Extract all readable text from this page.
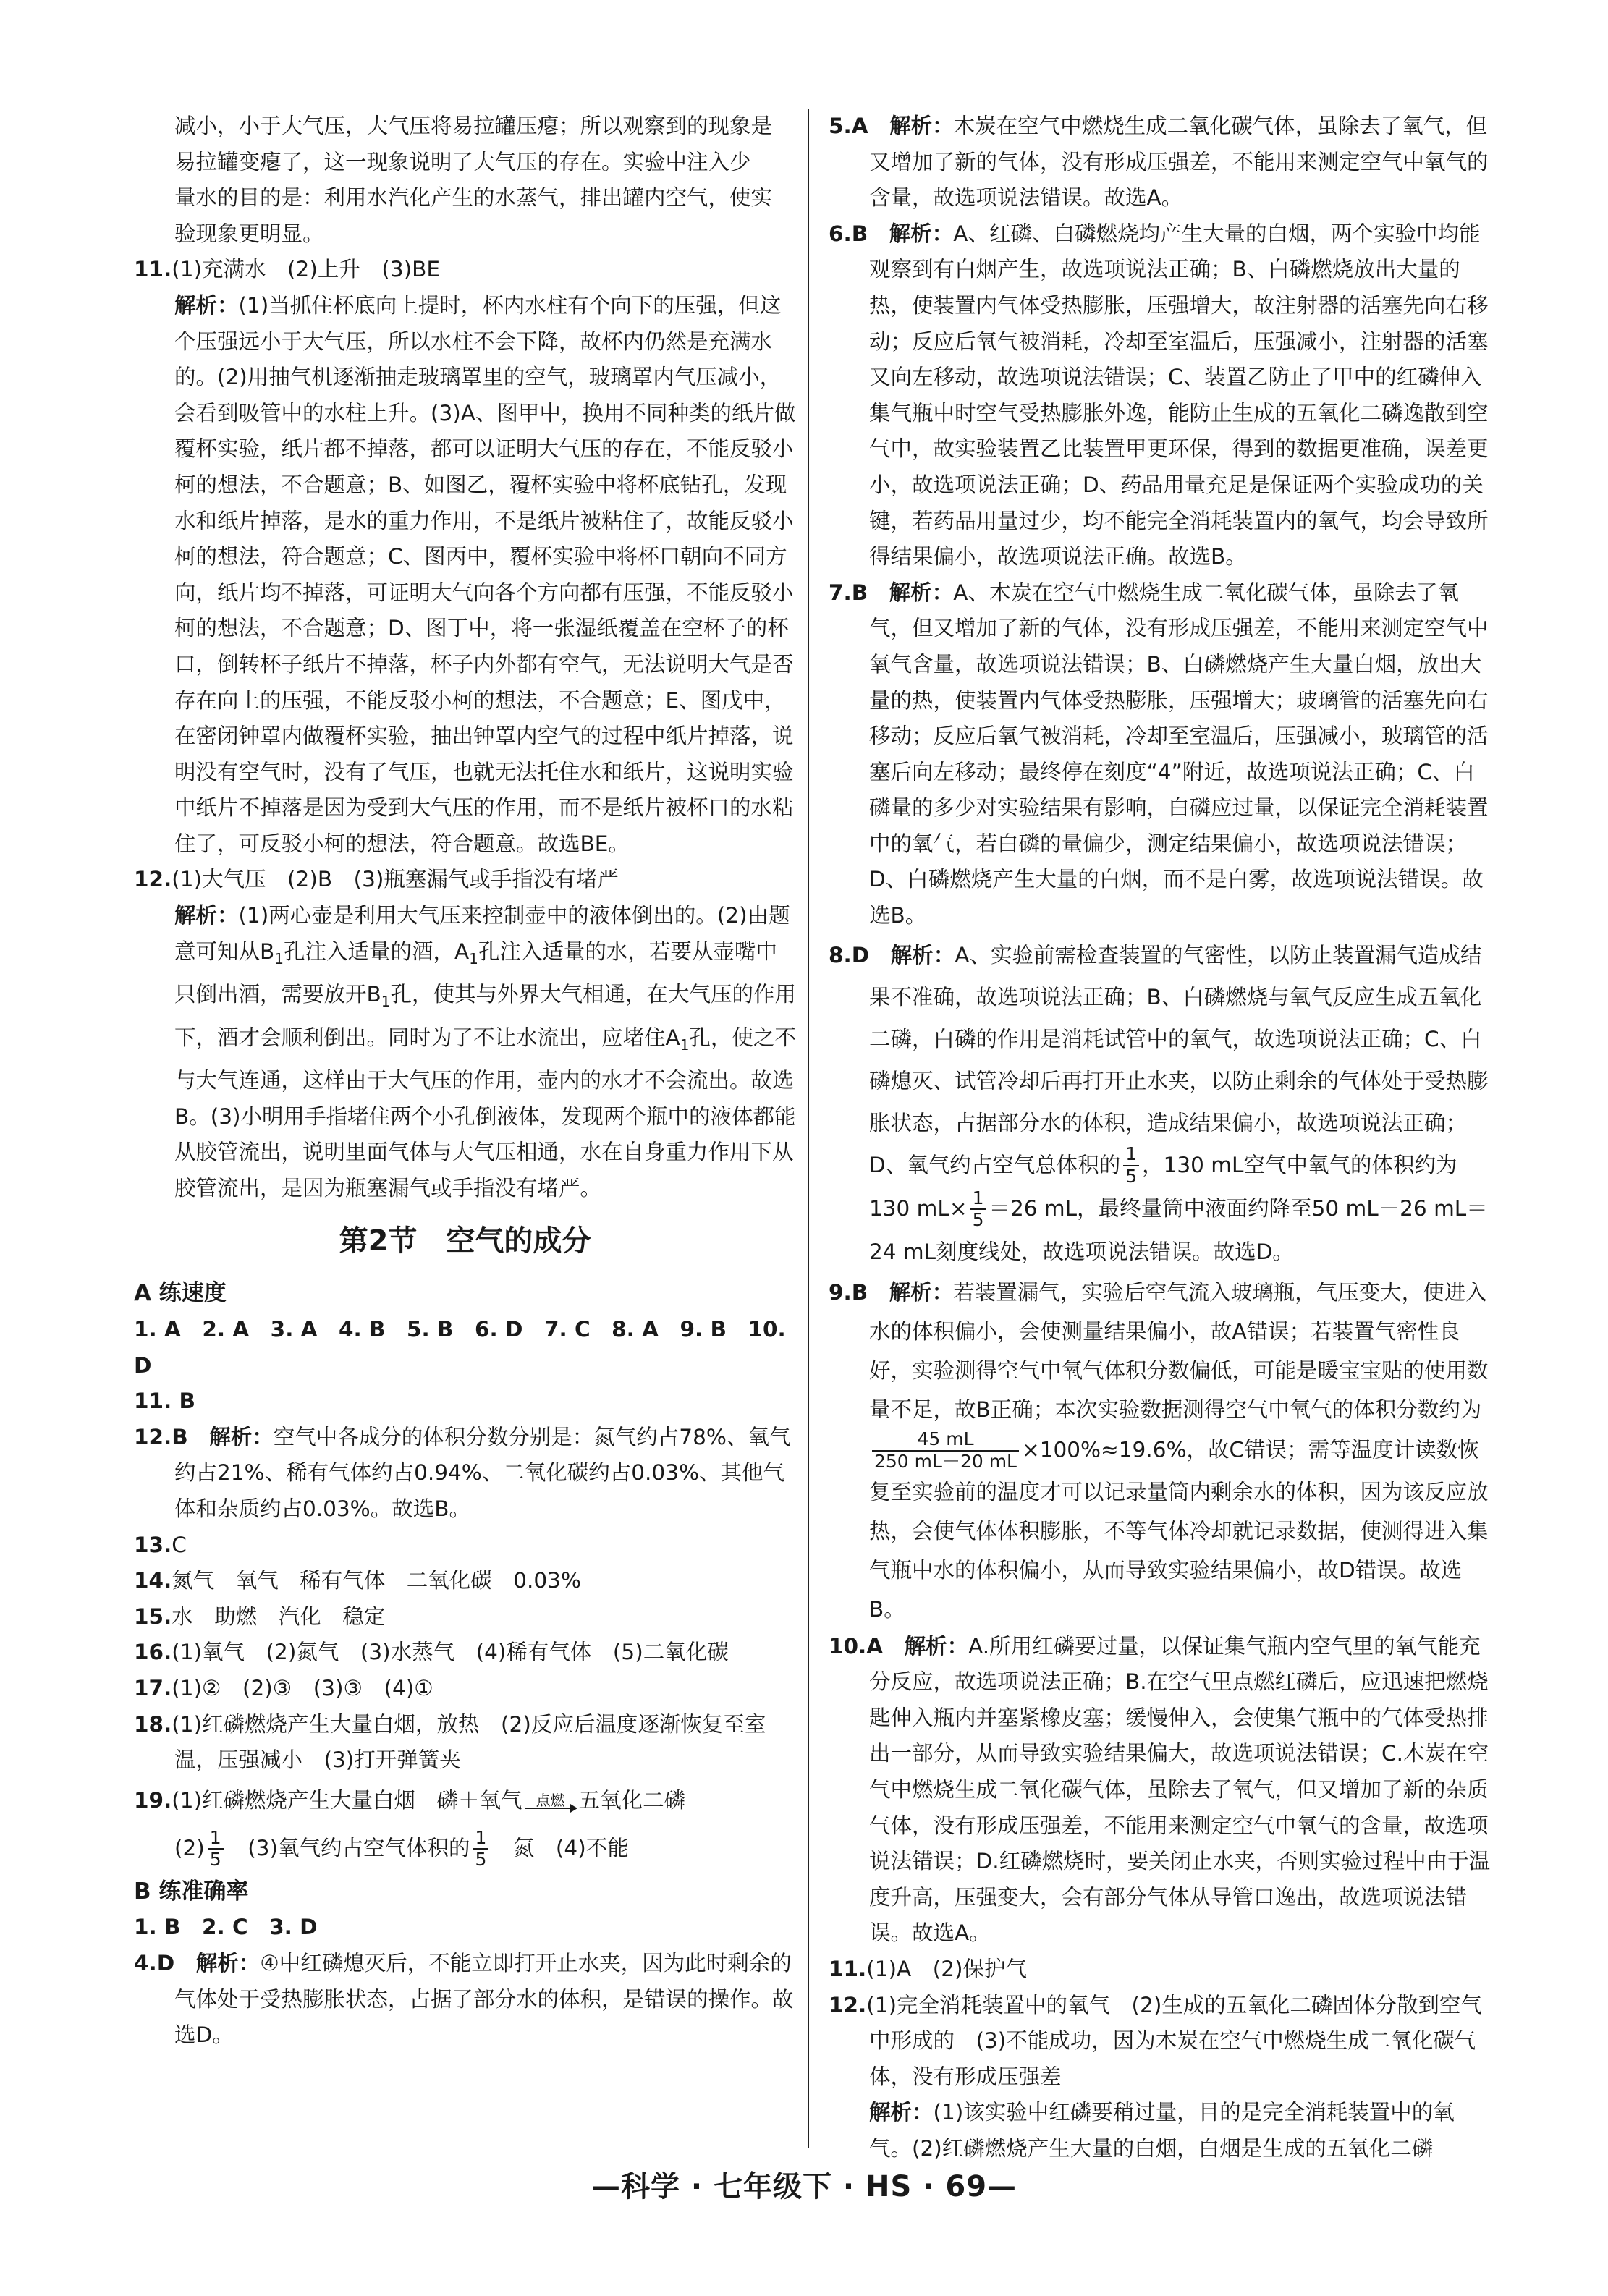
减小，小于大气压，大气压将易拉罐压瘪；所以观察到的现象是

易拉罐变瘪了，这一现象说明了大气压的存在。实验中注入少

量水的目的是：利用水汽化产生的水蒸气，排出罐内空气，使实

验现象更明显。

11.(1)充满水　(2)上升　(3)BE

解析：(1)当抓住杯底向上提时，杯内水柱有个向下的压强，但这个压强远小于大气压，所以水柱不会下降，故杯内仍然是充满水的。(2)用抽气机逐渐抽走玻璃罩里的空气，玻璃罩内气压减小，会看到吸管中的水柱上升。(3)A、图甲中，换用不同种类的纸片做覆杯实验，纸片都不掉落，都可以证明大气压的存在，不能反驳小柯的想法，不合题意；B、如图乙，覆杯实验中将杯底钻孔，发现水和纸片掉落，是水的重力作用，不是纸片被粘住了，故能反驳小柯的想法，符合题意；C、图丙中，覆杯实验中将杯口朝向不同方向，纸片均不掉落，可证明大气向各个方向都有压强，不能反驳小柯的想法，不合题意；D、图丁中，将一张湿纸覆盖在空杯子的杯口，倒转杯子纸片不掉落，杯子内外都有空气，无法说明大气是否存在向上的压强，不能反驳小柯的想法，不合题意；E、图戊中，在密闭钟罩内做覆杯实验，抽出钟罩内空气的过程中纸片掉落，说明没有空气时，没有了气压，也就无法托住水和纸片，这说明实验中纸片不掉落是因为受到大气压的作用，而不是纸片被杯口的水粘住了，可反驳小柯的想法，符合题意。故选BE。

12.(1)大气压　(2)B　(3)瓶塞漏气或手指没有堵严

解析：(1)两心壶是利用大气压来控制壶中的液体倒出的。(2)由题意可知从$B_1$孔注入适量的酒，$A_1$孔注入适量的水，若要从壶嘴中只倒出酒，需要放开$B_1$孔，使其与外界大气相通，在大气压的作用下，酒才会顺利倒出。同时为了不让水流出，应堵住$A_1$孔，使之不与大气连通，这样由于大气压的作用，壶内的水才不会流出。故选B。(3)小明用手指堵住两个小孔倒液体，发现两个瓶中的液体都能从胶管流出，说明里面气体与大气压相通，水在自身重力作用下从胶管流出，是因为瓶塞漏气或手指没有堵严。

第2节　空气的成分

A 练速度

1. A　2. A　3. A　4. B　5. B　6. D　7. C　8. A　9. B　10. D

11. B

12.B　 解析：空气中各成分的体积分数分别是：氮气约占78%、氧气约占21%、稀有气体约占0.94%、二氧化碳约占0.03%、其他气体和杂质约占0.03%。故选B。

13.C

14.氮气　氧气　稀有气体　二氧化碳　0.03%

15.水　助燃　汽化　稳定

16.(1)氧气　(2)氮气　(3)水蒸气　(4)稀有气体　(5)二氧化碳

17.(1)②　(2)③　(3)③　(4)①

18.(1)红磷燃烧产生大量白烟，放热　(2)反应后温度逐渐恢复至室温，压强减小　(3)打开弹簧夹

19.(1)红磷燃烧产生大量白烟　磷＋氧气 点燃 五氧化二磷

$(2) \frac{1}{5}$
　 (3)氧气约占空气体积的 $\frac{1}{5}$ 　氮　(4)不能

B 练准确率

1. B　2. C　3. D

4.D　 解析：④中红磷熄灭后，不能立即打开止水夹，因为此时剩余的气体处于受热膨胀状态，占据了部分水的体积，是错误的操作。故选D。

5.A　 解析：木炭在空气中燃烧生成二氧化碳气体，虽除去了氧气，但又增加了新的气体，没有形成压强差，不能用来测定空气中氧气的含量，故选项说法错误。故选A。

6.B　 解析：A、红磷、白磷燃烧均产生大量的白烟，两个实验中均能观察到有白烟产生，故选项说法正确；B、白磷燃烧放出大量的热，使装置内气体受热膨胀，压强增大，故注射器的活塞先向右移动；反应后氧气被消耗，冷却至室温后，压强减小，注射器的活塞又向左移动，故选项说法错误；C、装置乙防止了甲中的红磷伸入集气瓶中时空气受热膨胀外逸，能防止生成的五氧化二磷逸散到空气中，故实验装置乙比装置甲更环保，得到的数据更准确，误差更小，故选项说法正确；D、药品用量充足是保证两个实验成功的关键，若药品用量过少，均不能完全消耗装置内的氧气，均会导致所得结果偏小，故选项说法正确。故选B。

7.B　 解析：A、木炭在空气中燃烧生成二氧化碳气体，虽除去了氧气，但又增加了新的气体，没有形成压强差，不能用来测定空气中氧气含量，故选项说法错误；B、白磷燃烧产生大量白烟，放出大量的热，使装置内气体受热膨胀，压强增大；玻璃管的活塞先向右移动；反应后氧气被消耗，冷却至室温后，压强减小，玻璃管的活塞后向左移动；最终停在刻度“4”附近，故选项说法正确；C、白磷量的多少对实验结果有影响，白磷应过量，以保证完全消耗装置中的氧气，若白磷的量偏少，测定结果偏小，故选项说法错误；D、白磷燃烧产生大量的白烟，而不是白雾，故选项说法错误。故选B。

8.D　 解析：A、实验前需检查装置的气密性，以防止装置漏气造成结果不准确，故选项说法正确；B、白磷燃烧与氧气反应生成五氧化二磷，白磷的作用是消耗试管中的氧气，故选项说法正确；C、白磷熄灭、试管冷却后再打开止水夹，以防止剩余的气体处于受热膨胀状态，占据部分水的体积，造成结果偏小，故选项说法正确；D、氧气约占空气总体积的 $\frac{1}{5}$ ，130 mL空气中氧气的体积约为130 $mL\times \frac{1}{5} =26$ mL，最终量筒中液面约降至50 mL－26 mL＝24 mL刻度线处，故选项说法错误。故选D。

9.B　 解析：若装置漏气，实验后空气流入玻璃瓶，气压变大，使进入水的体积偏小，会使测量结果偏小，故A错误；若装置气密性良好，实验测得空气中氧气体积分数偏低，可能是暖宝宝贴的使用数量不足，故B正确；本次实验数据测得空气中氧气的体积分数约为
$\frac{45 mL}{250 mL-20 mL} \times 100\%\approx 19.6\%$，故C错误；需等温度计读数恢复至实验前的温度才可以记录量筒内剩余水的体积，因为该反应放热，会使气体体积膨胀，不等气体冷却就记录数据，使测得进入集气瓶中水的体积偏小，从而导致实验结果偏小，故D错误。故选B。

10.A　 解析：A.所用红磷要过量，以保证集气瓶内空气里的氧气能充分反应，故选项说法正确；B.在空气里点燃红磷后，应迅速把燃烧匙伸入瓶内并塞紧橡皮塞；缓慢伸入，会使集气瓶中的气体受热排出一部分，从而导致实验结果偏大，故选项说法错误；C.木炭在空气中燃烧生成二氧化碳气体，虽除去了氧气，但又增加了新的杂质气体，没有形成压强差，不能用来测定空气中氧气的含量，故选项说法错误；D.红磷燃烧时，要关闭止水夹，否则实验过程中由于温度升高，压强变大，会有部分气体从导管口逸出，故选项说法错误。故选A。

11.(1)A　(2)保护气

12.(1)完全消耗装置中的氧气　(2)生成的五氧化二磷固体分散到空气中形成的　(3)不能成功，因为木炭在空气中燃烧生成二氧化碳气体，没有形成压强差

解析：(1)该实验中红磷要稍过量，目的是完全消耗装置中的氧气。(2)红磷燃烧产生大量的白烟，白烟是生成的五氧化二磷

—科学 · 七年级下 · HS · 69—
